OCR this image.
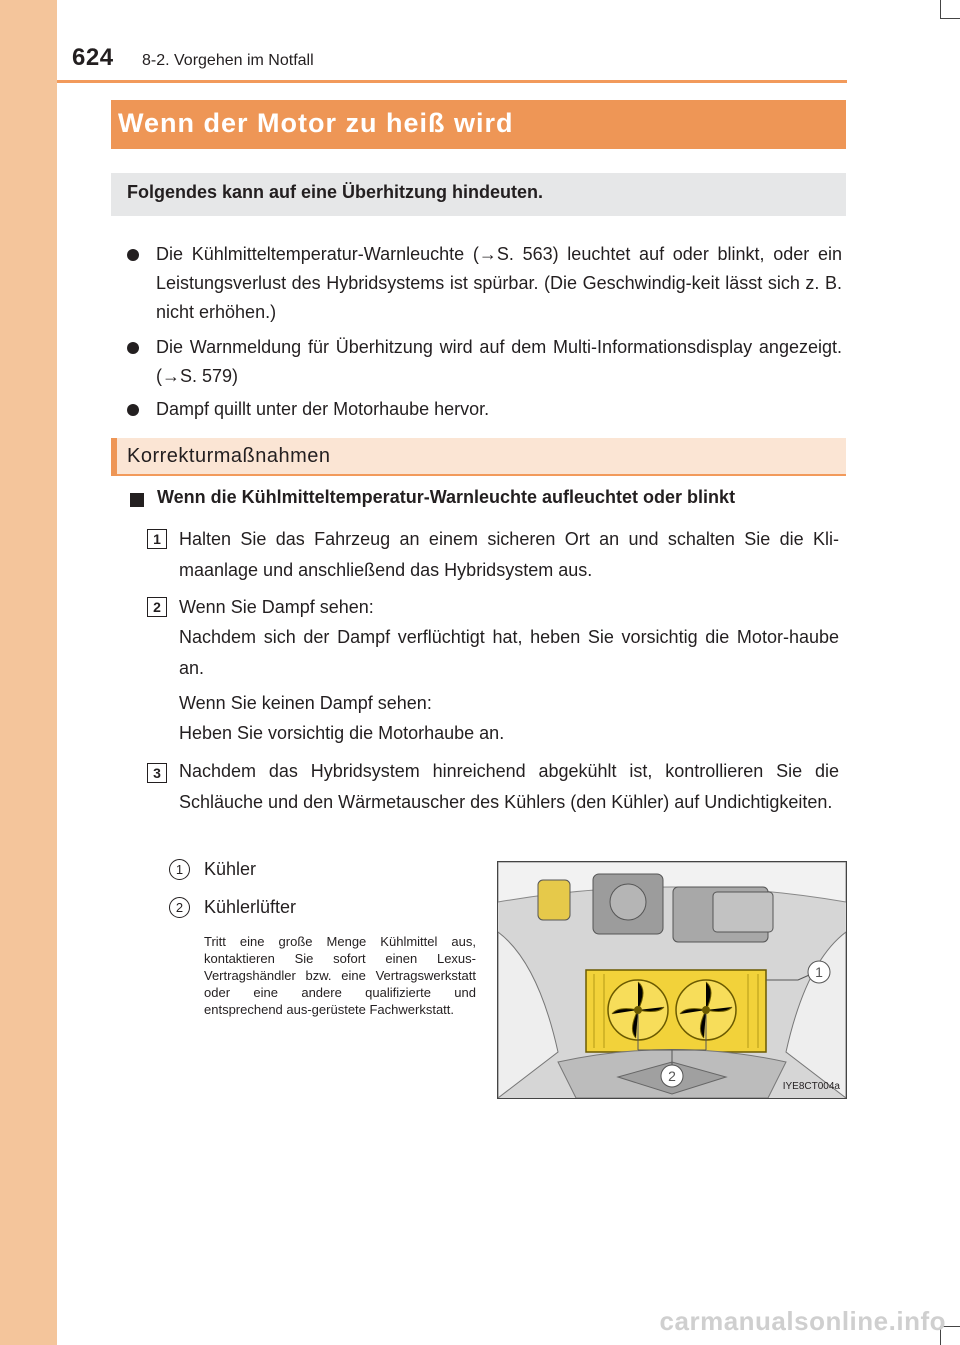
624 8-2. Vorgehen im Notfall
Wenn der Motor zu heiß wird
Folgendes kann auf eine Überhitzung hindeuten.
Die Kühlmitteltemperatur-Warnleuchte (→S. 563) leuchtet auf oder blinkt, oder ein Leistungsverlust des Hybridsystems ist spürbar. (Die Geschwindig-keit lässt sich z. B. nicht erhöhen.)
Die Warnmeldung für Überhitzung wird auf dem Multi-Informationsdisplay angezeigt. (→S. 579)
Dampf quillt unter der Motorhaube hervor.
Korrekturmaßnahmen
Wenn die Kühlmitteltemperatur-Warnleuchte aufleuchtet oder blinkt
1	Halten Sie das Fahrzeug an einem sicheren Ort an und schalten Sie die Kli-maanlage und anschließend das Hybridsystem aus.
2	Wenn Sie Dampf sehen:
Nachdem sich der Dampf verflüchtigt hat, heben Sie vorsichtig die Motor-haube an.
Wenn Sie keinen Dampf sehen:
Heben Sie vorsichtig die Motorhaube an.
3	Nachdem das Hybridsystem hinreichend abgekühlt ist, kontrollieren Sie die Schläuche und den Wärmetauscher des Kühlers (den Kühler) auf Undichtigkeiten.
1	Kühler
2	Kühlerlüfter
Tritt eine große Menge Kühlmittel aus, kontaktieren Sie sofort einen Lexus-Vertragshändler bzw. eine Vertragswerkstatt oder eine andere qualifizierte und entsprechend aus-gerüstete Fachwerkstatt.
1
2
IYE8CT004a
carmanualsonline.info
